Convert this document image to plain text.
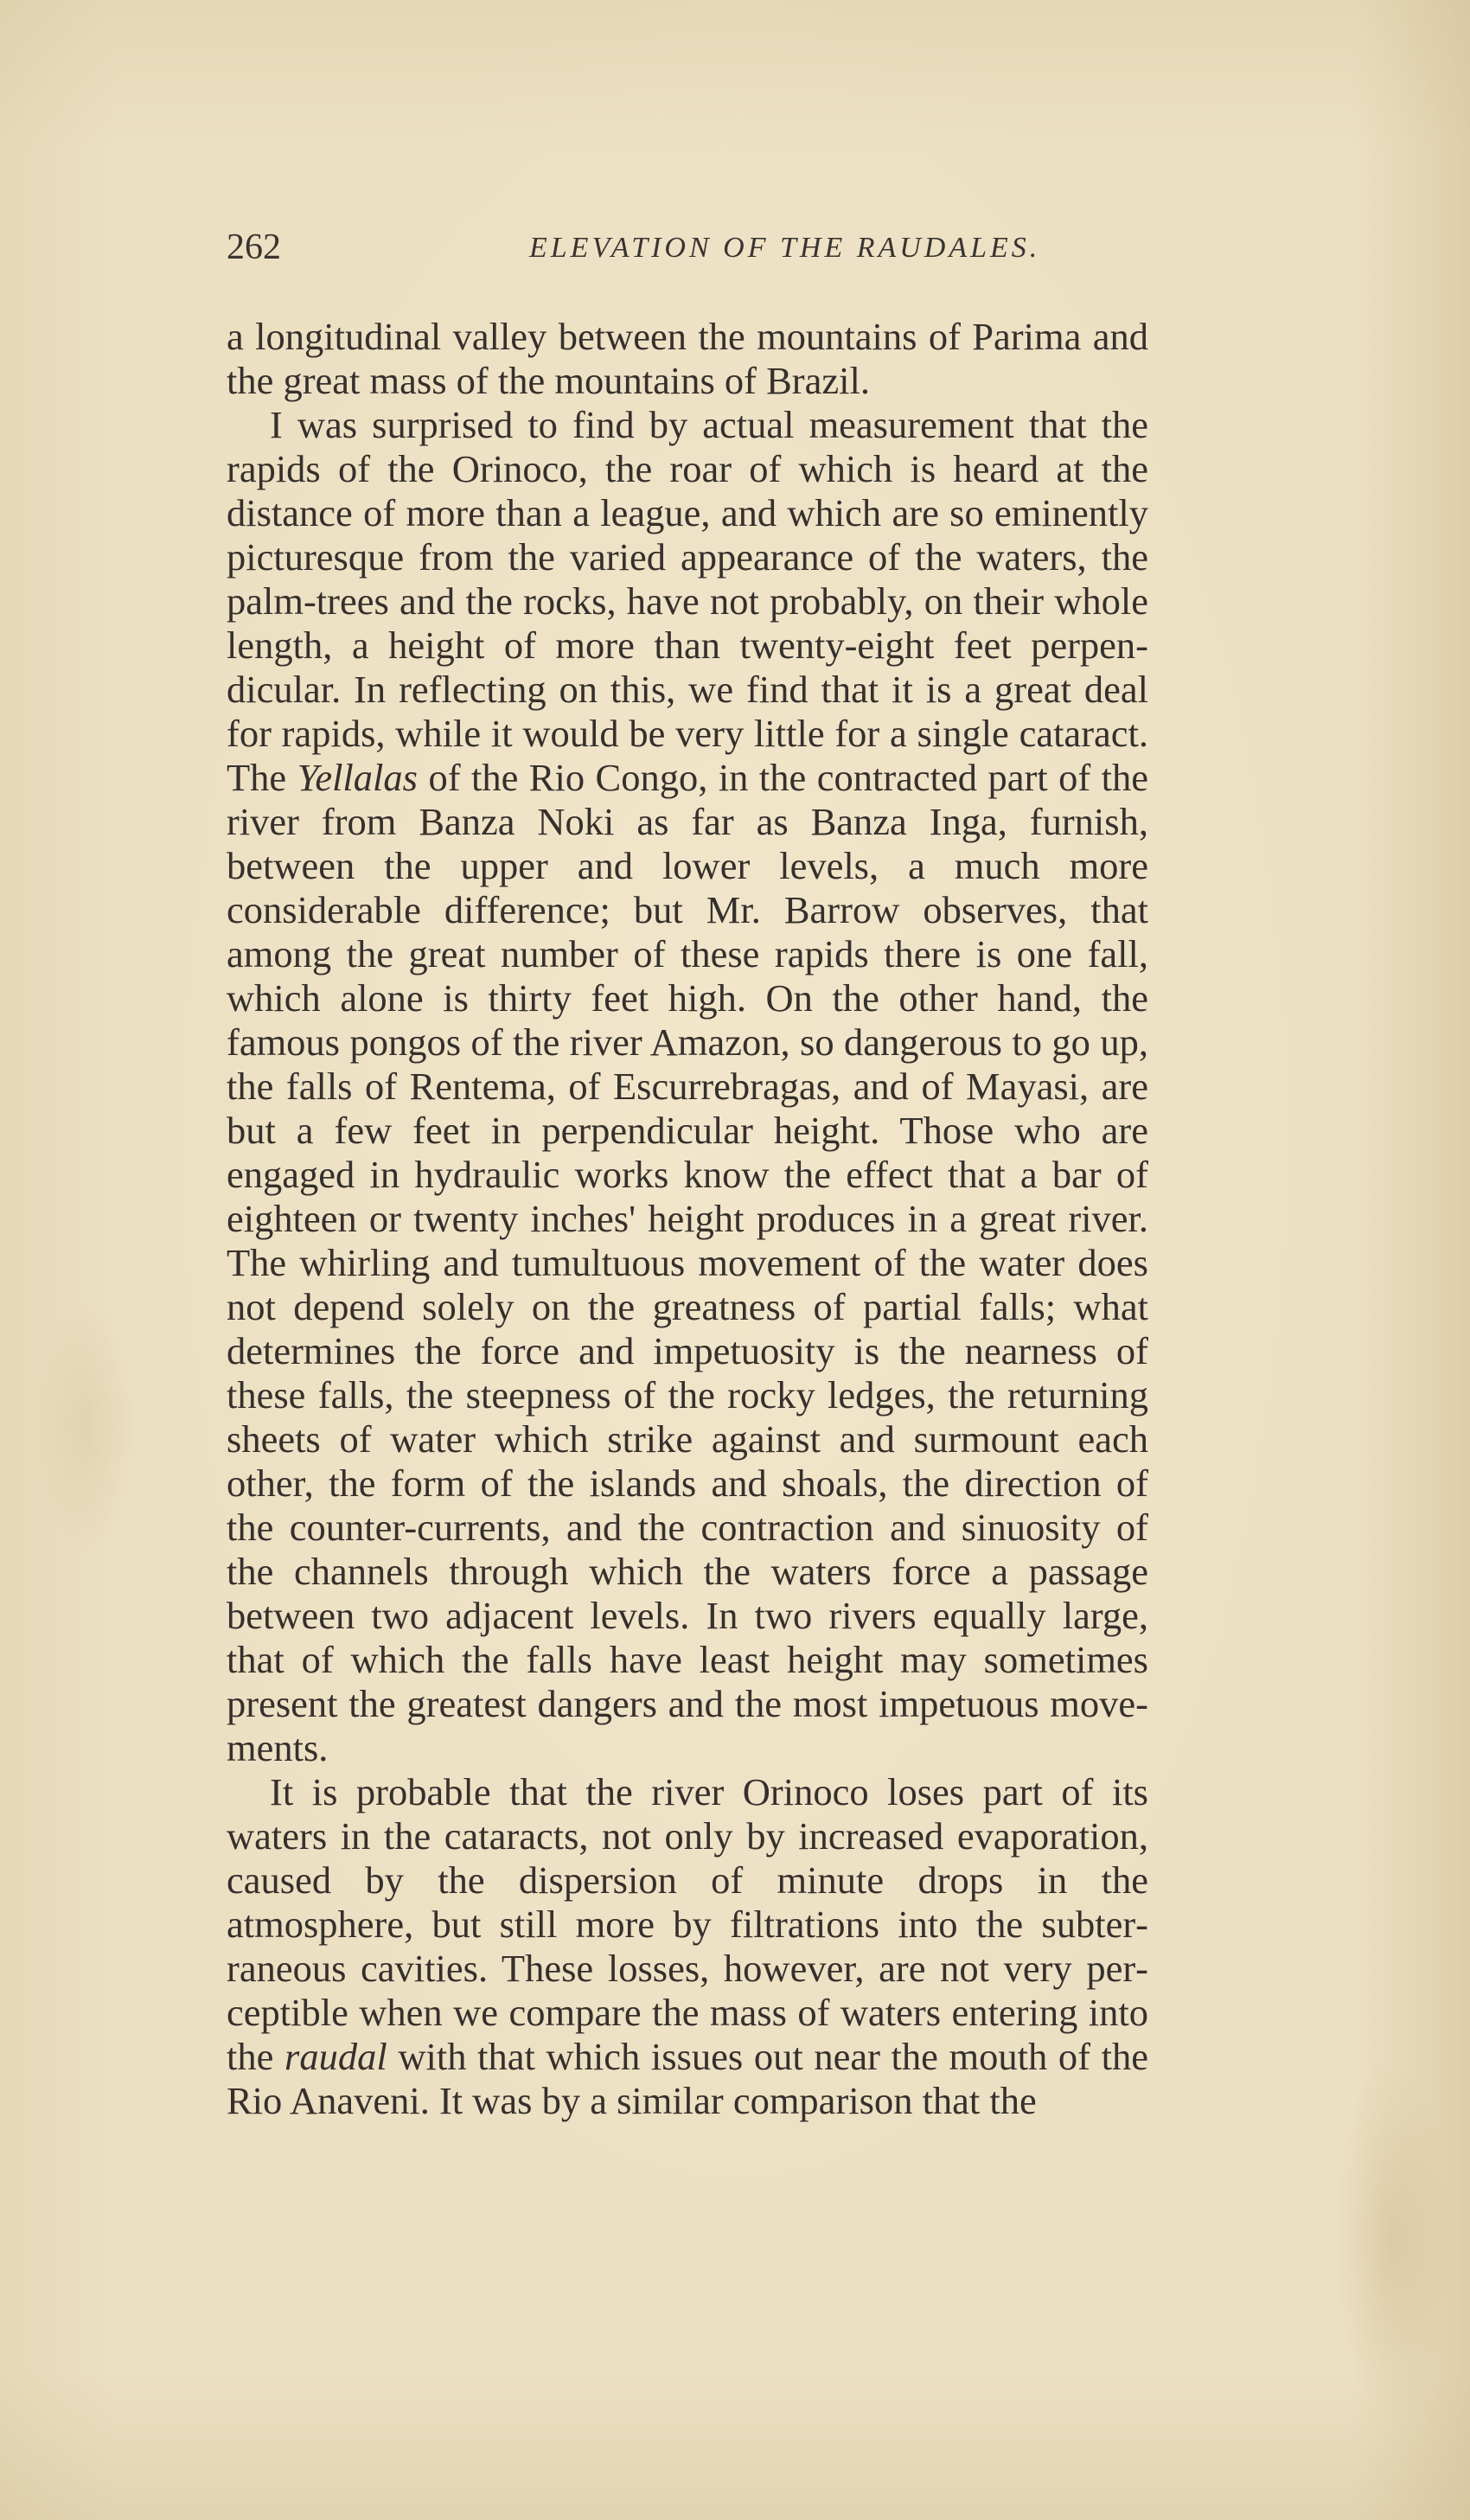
262	ELEVATION OF THE RAUDALES.

a longitudinal valley between the mountains of Parima and the great mass of the mountains of Brazil.

I was surprised to find by actual measurement that the rapids of the Orinoco, the roar of which is heard at the distance of more than a league, and which are so eminently picturesque from the varied appearance of the waters, the palm-trees and the rocks, have not probably, on their whole length, a height of more than twenty-eight feet perpendicular. In reflecting on this, we find that it is a great deal for rapids, while it would be very little for a single cataract. The Yellalas of the Rio Congo, in the contracted part of the river from Banza Noki as far as Banza Inga, furnish, between the upper and lower levels, a much more considerable difference; but Mr. Barrow observes, that among the great number of these rapids there is one fall, which alone is thirty feet high. On the other hand, the famous pongos of the river Amazon, so dangerous to go up, the falls of Rentema, of Escurrebragas, and of Mayasi, are but a few feet in perpendicular height. Those who are engaged in hydraulic works know the effect that a bar of eighteen or twenty inches' height produces in a great river. The whirling and tumultuous movement of the water does not depend solely on the greatness of partial falls; what determines the force and impetuosity is the nearness of these falls, the steepness of the rocky ledges, the returning sheets of water which strike against and surmount each other, the form of the islands and shoals, the direction of the counter-currents, and the contraction and sinuosity of the channels through which the waters force a passage between two adjacent levels. In two rivers equally large, that of which the falls have least height may sometimes present the greatest dangers and the most impetuous movements.

It is probable that the river Orinoco loses part of its waters in the cataracts, not only by increased evaporation, caused by the dispersion of minute drops in the atmosphere, but still more by filtrations into the subterraneous cavities. These losses, however, are not very perceptible when we compare the mass of waters entering into the raudal with that which issues out near the mouth of the Rio Anaveni. It was by a similar comparison that the
